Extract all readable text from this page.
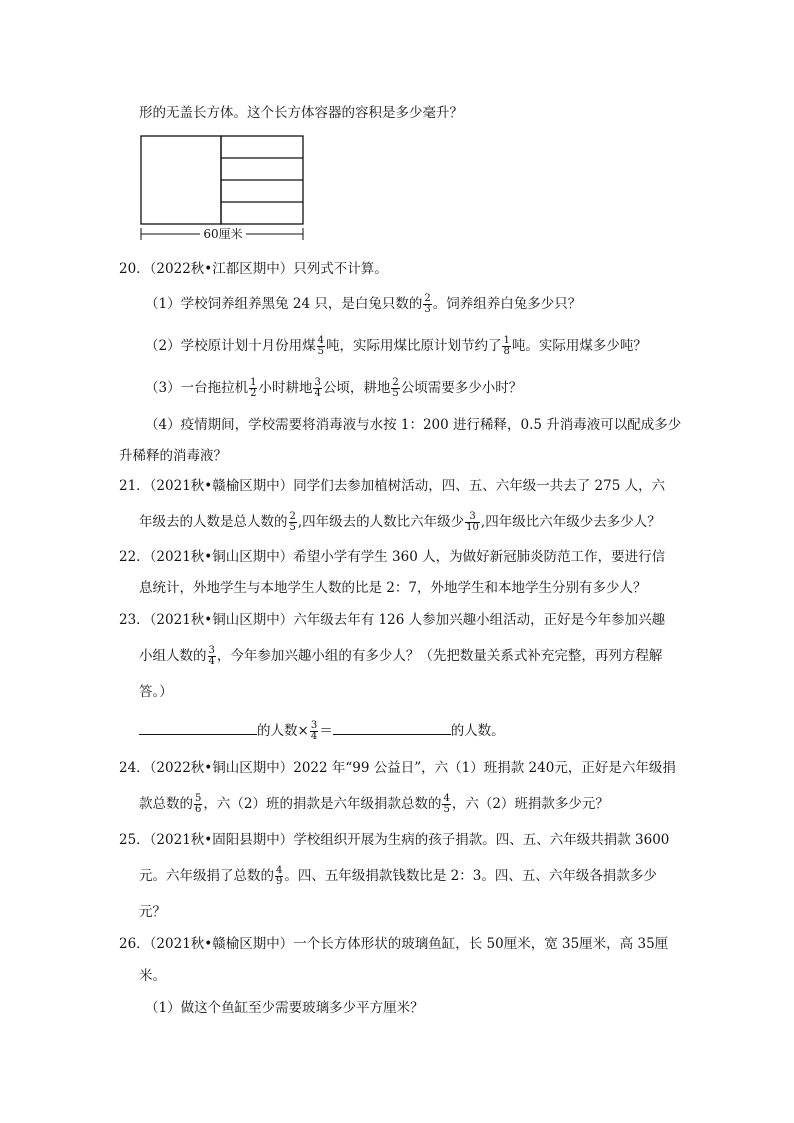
形的无盖长方体。这个长方体容器的容积是多少毫升？
60厘米
20．（2022秋•江都区期中）只列式不计算。
（1）学校饲养组养黑兔 24 只，是白兔只数的 $\frac{2}{3}$ 。饲养组养白兔多少只？
（2）学校原计划十月份用煤 $\frac{4}{5}$ 吨，实际用煤比原计划节约了 $\frac{1}{8}$ 吨。实际用煤多少吨？
（3）一台拖拉机 $\frac{1}{2}$ 小时耕地 $\frac{3}{4}$ 公顷，耕地 $\frac{2}{5}$ 公顷需要多少小时？
（4）疫情期间，学校需要将消毒液与水按 1：200 进行稀释，0.5 升消毒液可以配成多少
升稀释的消毒液？
21．（2021秋•赣榆区期中）同学们去参加植树活动，四、五、六年级一共去了 275 人，六
年级去的人数是总人数的 $\frac{2}{5}$ ,四年级去的人数比六年级少 $\frac{3}{10}$ ,四年级比六年级少去多少人？
22．（2021秋•铜山区期中）希望小学有学生 360 人，为做好新冠肺炎防范工作，要进行信
息统计，外地学生与本地学生人数的比是 2：7，外地学生和本地学生分别有多少人？
23．（2021秋•铜山区期中）六年级去年有 126 人参加兴趣小组活动，正好是今年参加兴趣
小组人数的 $\frac{3}{4}$ ，今年参加兴趣小组的有多少人？（先把数量关系式补充完整，再列方程解
答。）
的人数× $\frac{3}{4}$ ＝	的人数。
24．（2022秋•铜山区期中）2022 年“99 公益日”，六（1）班捐款 240元，正好是六年级捐
款总数的 $\frac{5}{6}$ ，六（2）班的捐款是六年级捐款总数的 $\frac{4}{5}$ ，六（2）班捐款多少元？
25．（2021秋•固阳县期中）学校组织开展为生病的孩子捐款。四、五、六年级共捐款 3600
元。六年级捐了总数的 $\frac{4}{9}$ 。四、五年级捐款钱数比是 2：3。四、五、六年级各捐款多少
元？
26．（2021秋•赣榆区期中）一个长方体形状的玻璃鱼缸，长 50厘米，宽 35厘米，高 35厘
米。
（1）做这个鱼缸至少需要玻璃多少平方厘米？
